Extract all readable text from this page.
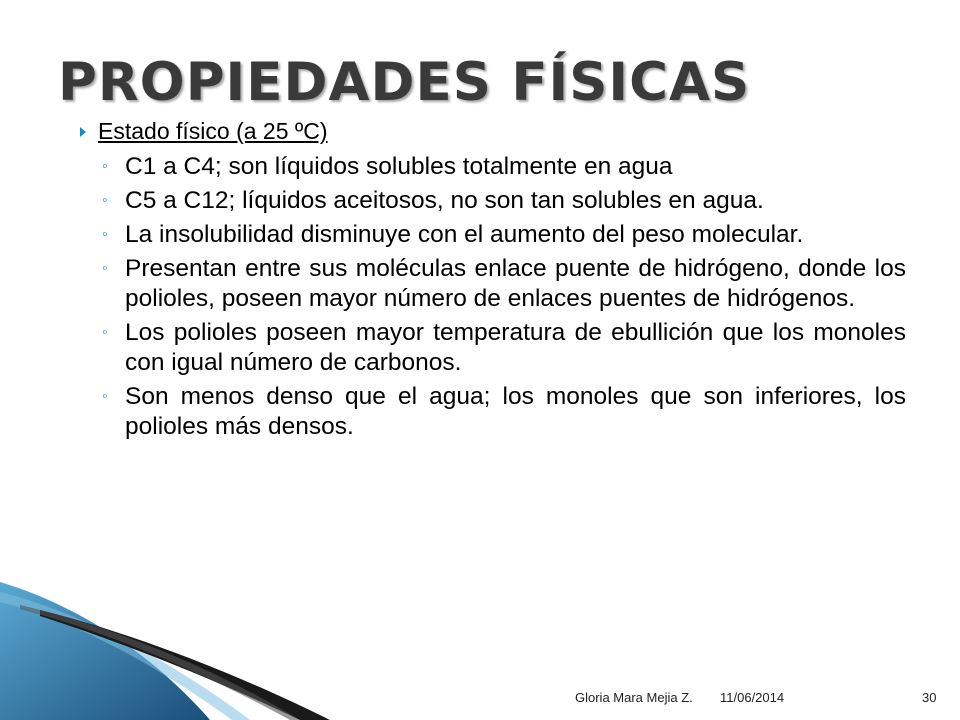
PROPIEDADES FÍSICAS
Estado físico (a 25 ºC)
◦ C1 a C4; son líquidos solubles totalmente en agua
◦ C5 a C12; líquidos aceitosos, no son tan solubles en agua.
◦ La insolubilidad disminuye con el aumento del peso molecular.
◦ Presentan entre sus moléculas enlace puente de hidrógeno, donde los polioles, poseen mayor número de enlaces puentes de hidrógenos.
◦ Los polioles poseen mayor temperatura de ebullición que los monoles con igual número de carbonos.
◦ Son menos denso que el agua; los monoles que son inferiores, los polioles más densos.
Gloria Mara Mejia Z. 11/06/2014	30
